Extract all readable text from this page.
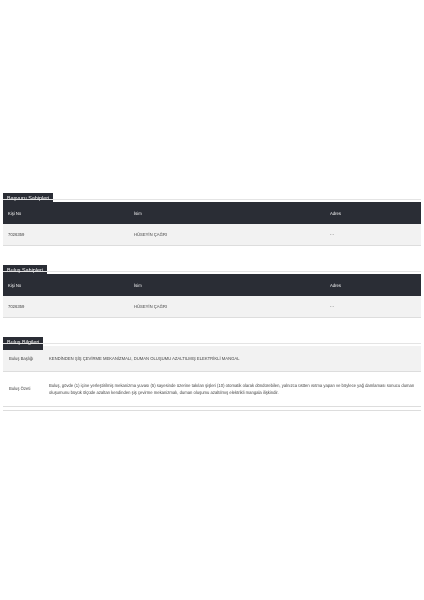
Kişi No	İsim	Adres
7026359	HÜSEYİN ÇAĞRI	- -
Kişi No	İsim	Adres
7026359	HÜSEYİN ÇAĞRI	- -
Buluş Başlığı	KENDİNDEN ŞİŞ ÇEVİRME MEKANİZMALI, DUMAN OLUŞUMU AZALTILMIŞ ELEKTRİKLİ MANGAL
Buluş Özeti	Buluş, gövde (1) içine yerleştirilmiş mekanizma yuvası (5) sayesinde üzerine takılan şişleri (10) otomatik olarak döndürebilen, yalnızca üstten ısıtma yapan ve böylece yağ damlaması sonucu duman oluşumunu büyük ölçüde azaltan kendinden şiş çevirme mekanizmalı, duman oluşumu azaltılmış elektrikli mangala ilişkindir.
